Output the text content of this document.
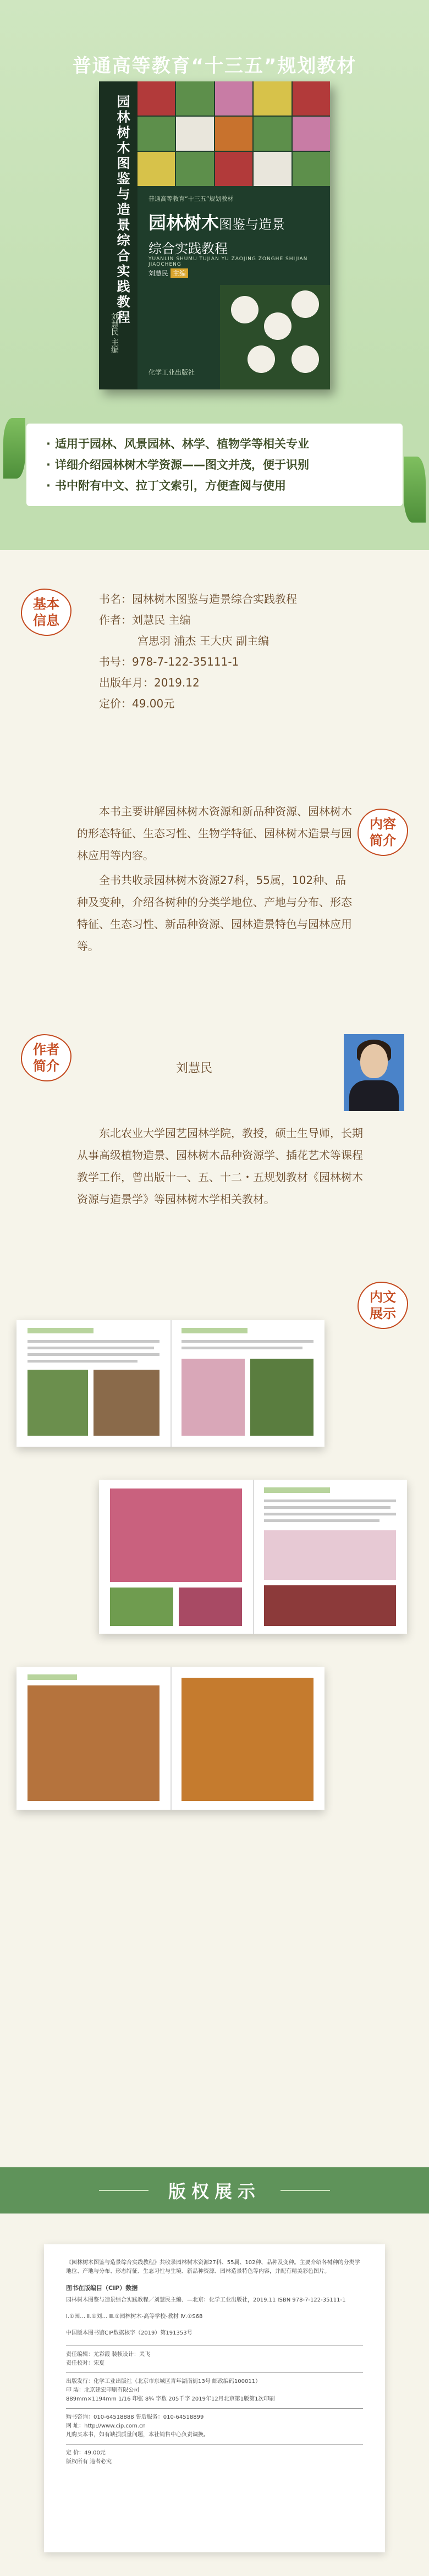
普通高等教育“十三五”规划教材
园林树木图鉴与造景综合实践教程
刘慧民 主编
普通高等教育“十三五”规划教材
园林树木图鉴与造景
综合实践教程
YUANLIN SHUMU TUJIAN YU ZAOJING ZONGHE SHIJIAN JIAOCHENG
刘慧民 主编
化学工业出版社
· 适用于园林、风景园林、林学、植物学等相关专业
· 详细介绍园林树木学资源——图文并茂，便于识别
· 书中附有中文、拉丁文索引，方便查阅与使用
基本
信息
书名：园林树木图鉴与造景综合实践教程
作者：刘慧民 主编
宫思羽 浦杰 王大庆 副主编
书号：978-7-122-35111-1
出版年月：2019.12
定价：49.00元
内容
简介

本书主要讲解园林树木资源和新品种资源、园林树木的形态特征、生态习性、生物学特征、园林树木造景与园林应用等内容。

全书共收录园林树木资源27科，55属，102种、品种及变种，介绍各树种的分类学地位、产地与分布、形态特征、生态习性、新品种资源、园林造景特色与园林应用等。

作者
简介	刘慧民

东北农业大学园艺园林学院，教授，硕士生导师，长期从事高级植物造景、园林树木品种资源学、插花艺术等课程教学工作，曾出版十一、五、十二・五规划教材《园林树木资源与造景学》等园林树木学相关教材。

内文
展示
版权展示
《园林树木图鉴与造景综合实践教程》共收录园林树木资源27科、55属、102种、品种及变种。主要介绍各树种的分类学地位、产地与分布、形态特征、生态习性与生境、新品种资源、园林造景特色等内容，并配有精美彩色图片。
图书在版编目（CIP）数据
园林树木图鉴与造景综合实践教程／刘慧民主编．—北京：化学工业出版社，2019.11 ISBN 978-7-122-35111-1
Ⅰ.①园… Ⅱ.①刘… Ⅲ.①园林树木-高等学校-教材 Ⅳ.①S68
中国版本图书馆CIP数据核字（2019）第191353号
责任编辑：尤彩霞 装帧设计：关飞
责任校对：宋夏
出版发行：化学工业出版社（北京市东城区青年湖南街13号 邮政编码100011）
印 装：北京建宏印刷有限公司
889mm×1194mm 1/16 印张 8¾ 字数 205千字 2019年12月北京第1版第1次印刷
购书咨询：010-64518888 售后服务：010-64518899
网 址：http://www.cip.com.cn
凡购买本书，如有缺损质量问题，本社销售中心负责调换。
定 价：49.00元
版权所有 违者必究
